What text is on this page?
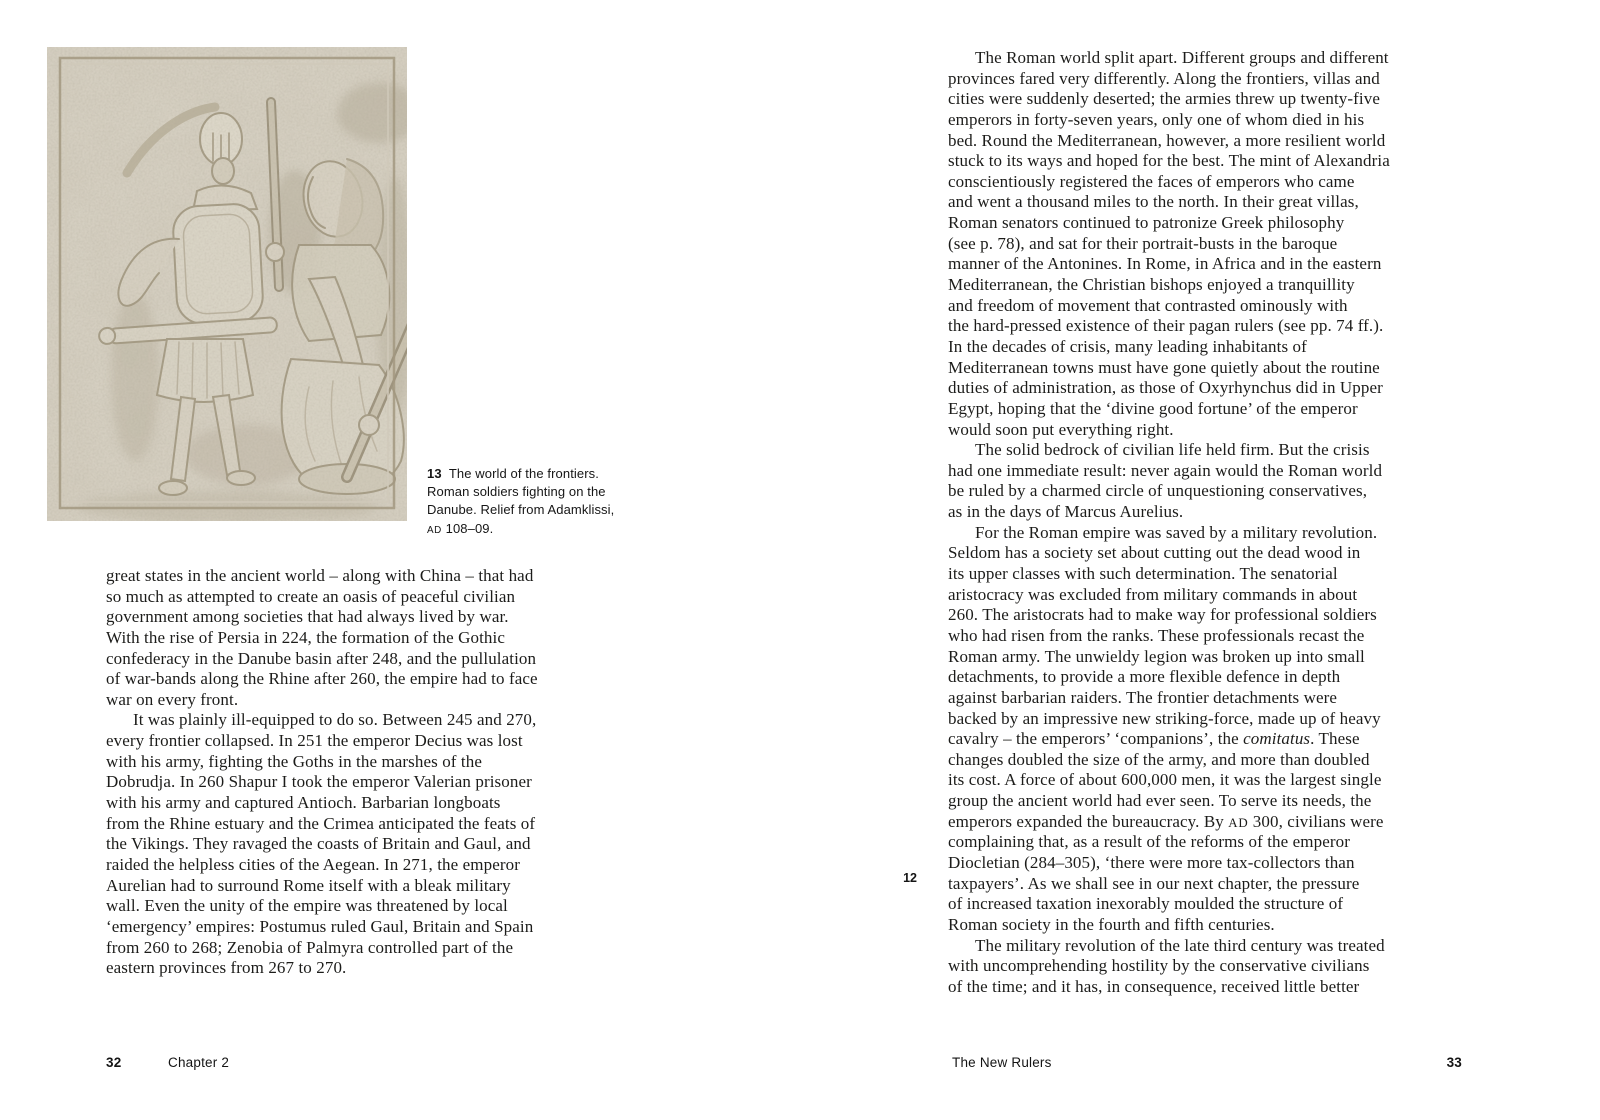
13  The world of the frontiers.
Roman soldiers fighting on the
Danube. Relief from Adamklissi,
AD 108–09.
great states in the ancient world – along with China – that had
so much as attempted to create an oasis of peaceful civilian
government among societies that had always lived by war.
With the rise of Persia in 224, the formation of the Gothic
confederacy in the Danube basin after 248, and the pullulation
of war-bands along the Rhine after 260, the empire had to face
war on every front.
It was plainly ill-equipped to do so. Between 245 and 270,
every frontier collapsed. In 251 the emperor Decius was lost
with his army, fighting the Goths in the marshes of the
Dobrudja. In 260 Shapur I took the emperor Valerian prisoner
with his army and captured Antioch. Barbarian longboats
from the Rhine estuary and the Crimea anticipated the feats of
the Vikings. They ravaged the coasts of Britain and Gaul, and
raided the helpless cities of the Aegean. In 271, the emperor
Aurelian had to surround Rome itself with a bleak military
wall. Even the unity of the empire was threatened by local
‘emergency’ empires: Postumus ruled Gaul, Britain and Spain
from 260 to 268; Zenobia of Palmyra controlled part of the
eastern provinces from 267 to 270.
32	Chapter 2
12
The Roman world split apart. Different groups and different
provinces fared very differently. Along the frontiers, villas and
cities were suddenly deserted; the armies threw up twenty-five
emperors in forty-seven years, only one of whom died in his
bed. Round the Mediterranean, however, a more resilient world
stuck to its ways and hoped for the best. The mint of Alexandria
conscientiously registered the faces of emperors who came
and went a thousand miles to the north. In their great villas,
Roman senators continued to patronize Greek philosophy
(see p. 78), and sat for their portrait-busts in the baroque
manner of the Antonines. In Rome, in Africa and in the eastern
Mediterranean, the Christian bishops enjoyed a tranquillity
and freedom of movement that contrasted ominously with
the hard-pressed existence of their pagan rulers (see pp. 74 ff.).
In the decades of crisis, many leading inhabitants of
Mediterranean towns must have gone quietly about the routine
duties of administration, as those of Oxyrhynchus did in Upper
Egypt, hoping that the ‘divine good fortune’ of the emperor
would soon put everything right.
The solid bedrock of civilian life held firm. But the crisis
had one immediate result: never again would the Roman world
be ruled by a charmed circle of unquestioning conservatives,
as in the days of Marcus Aurelius.
For the Roman empire was saved by a military revolution.
Seldom has a society set about cutting out the dead wood in
its upper classes with such determination. The senatorial
aristocracy was excluded from military commands in about
260. The aristocrats had to make way for professional soldiers
who had risen from the ranks. These professionals recast the
Roman army. The unwieldy legion was broken up into small
detachments, to provide a more flexible defence in depth
against barbarian raiders. The frontier detachments were
backed by an impressive new striking-force, made up of heavy
cavalry – the emperors’ ‘companions’, the comitatus. These
changes doubled the size of the army, and more than doubled
its cost. A force of about 600,000 men, it was the largest single
group the ancient world had ever seen. To serve its needs, the
emperors expanded the bureaucracy. By AD 300, civilians were
complaining that, as a result of the reforms of the emperor
Diocletian (284–305), ‘there were more tax-collectors than
taxpayers’. As we shall see in our next chapter, the pressure
of increased taxation inexorably moulded the structure of
Roman society in the fourth and fifth centuries.
The military revolution of the late third century was treated
with uncomprehending hostility by the conservative civilians
of the time; and it has, in consequence, received little better
The New Rulers	33
